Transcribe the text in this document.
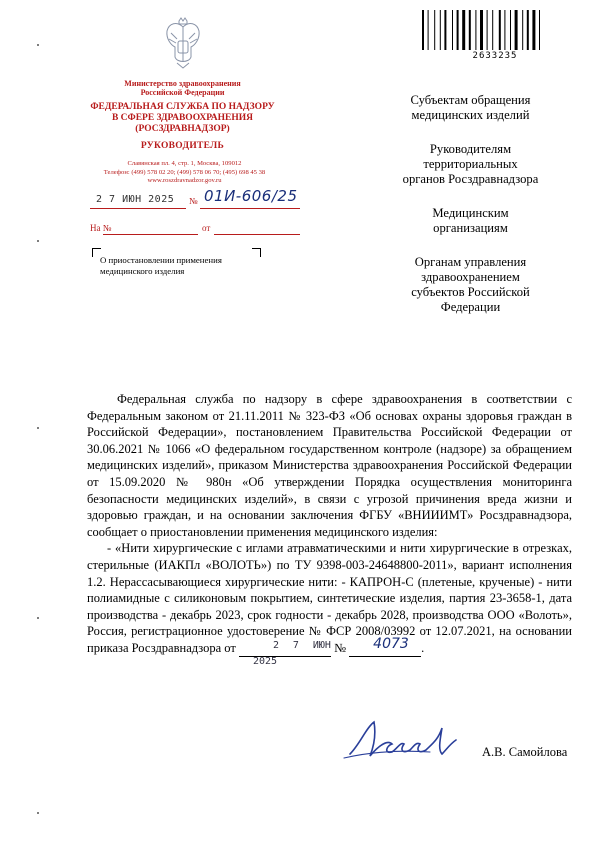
Министерство здравоохранения
Российской Федерации
ФЕДЕРАЛЬНАЯ СЛУЖБА ПО НАДЗОРУ
В СФЕРЕ ЗДРАВООХРАНЕНИЯ
(РОСЗДРАВНАДЗОР)
РУКОВОДИТЕЛЬ
Славянская пл. 4, стр. 1, Москва, 109012
Телефон: (499) 578 02 20; (499) 578 06 70; (495) 698 45 38
www.roszdravnadzor.gov.ru
2 7 ИЮН 2025 № 01И-606/25
На №	от
О приостановлении применения
медицинского изделия
2633235

Субъектам обращения
медицинских изделий

Руководителям
территориальных
органов Росздравнадзора

Медицинским
организациям

Органам управления
здравоохранением
субъектов Российской
Федерации

Федеральная служба по надзору в сфере здравоохранения в соответствии с Федеральным законом от 21.11.2011 № 323-ФЗ «Об основах охраны здоровья граждан в Российской Федерации», постановлением Правительства Российской Федерации от 30.06.2021 № 1066 «О федеральном государственном контроле (надзоре) за обращением медицинских изделий», приказом Министерства здравоохранения Российской Федерации от 15.09.2020 № 980н «Об утверждении Порядка осуществления мониторинга безопасности медицинских изделий», в связи с угрозой причинения вреда жизни и здоровью граждан, и на основании заключения ФГБУ «ВНИИИМТ» Росздравнадзора, сообщает о приостановлении применения медицинского изделия:

- «Нити хирургические с иглами атравматическими и нити хирургические в отрезках, стерильные (ИАКПл «ВОЛОТЬ») по ТУ 9398-003-24648800-2011», вариант исполнения 1.2. Нерассасывающиеся хирургические нити: - КАПРОН-С (плетеные, крученые) - нити полиамидные с силиконовым покрытием, синтетические изделия, партия 23-3658-1, дата производства - декабрь 2023, срок годности - декабрь 2028, производства ООО «Волоть», Россия, регистрационное удостоверение № ФСР 2008/03992 от 12.07.2021, на основании приказа Росздравнадзора от	2 7 ИЮН 2025
№	4073 .

А.В. Самойлова
